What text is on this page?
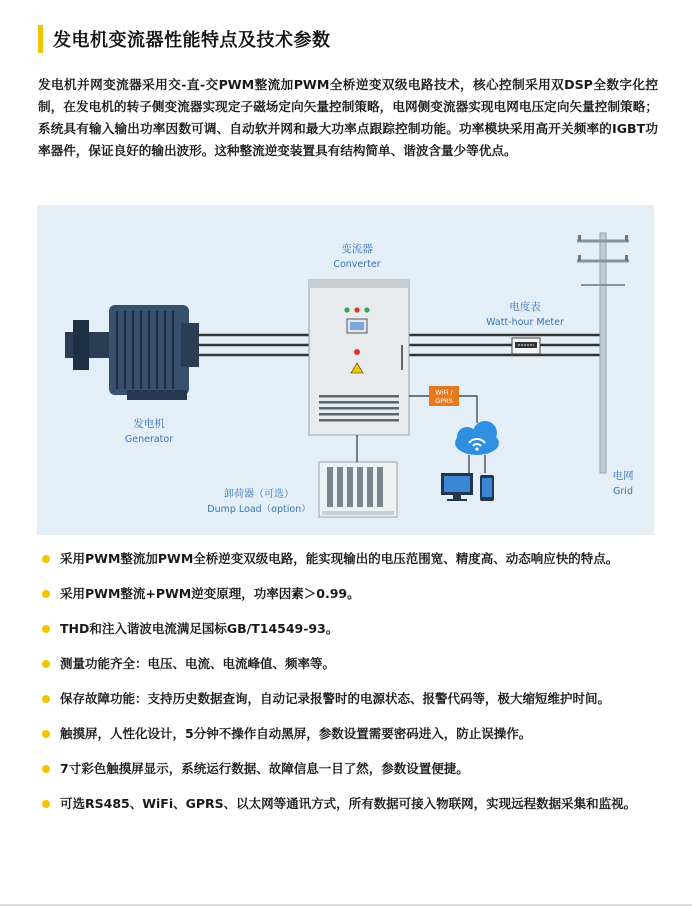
发电机变流器性能特点及技术参数
发电机并网变流器采用交-直-交PWM整流加PWM全桥逆变双级电路技术，核心控制采用双DSP全数字化控制，在发电机的转子侧变流器实现定子磁场定向矢量控制策略，电网侧变流器实现电网电压定向矢量控制策略；系统具有输入输出功率因数可调、自动软并网和最大功率点跟踪控制功能。功率模块采用高开关频率的IGBT功率器件，保证良好的输出波形。这种整流逆变装置具有结构简单、谐波含量少等优点。
发电机
Generator
变流器
Converter
WiFi /
GPRS
卸荷器（可选）
Dump Load（option）
电度表
Watt-hour Meter
电网
Grid
采用PWM整流加PWM全桥逆变双级电路，能实现输出的电压范围宽、精度高、动态响应快的特点。
采用PWM整流+PWM逆变原理，功率因素＞0.99。
THD和注入谐波电流满足国标GB/T14549-93。
测量功能齐全：电压、电流、电流峰值、频率等。
保存故障功能：支持历史数据查询，自动记录报警时的电源状态、报警代码等，极大缩短维护时间。
触摸屏，人性化设计，5分钟不操作自动黑屏，参数设置需要密码进入，防止误操作。
7寸彩色触摸屏显示，系统运行数据、故障信息一目了然，参数设置便捷。
可选RS485、WiFi、GPRS、以太网等通讯方式，所有数据可接入物联网，实现远程数据采集和监视。
